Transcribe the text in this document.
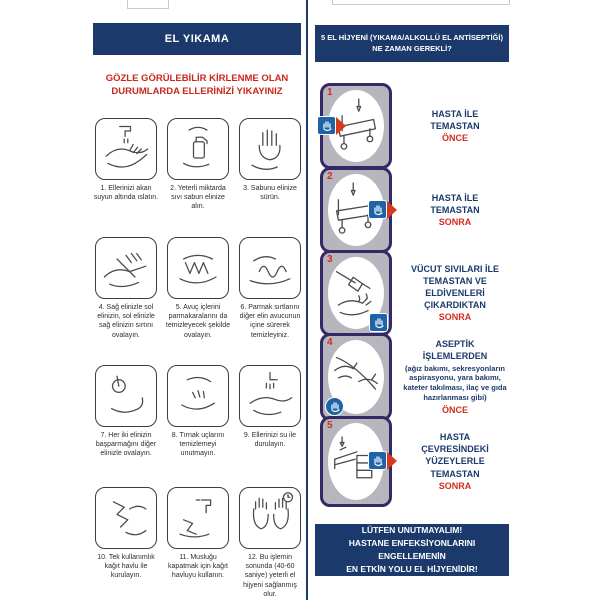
EL YIKAMA
GÖZLE GÖRÜLEBİLİR KİRLENME OLAN DURUMLARDA ELLERİNİZİ YIKAYINIZ
1. Ellerinizi akan suyun altında ıslatın.
2. Yeterli miktarda sıvı sabun elinize alın.
3. Sabunu elinize sürün.
4. Sağ elinizle sol elinizin, sol elinizle sağ elinizin sırtını ovalayın.
5. Avuç içlerini parmakaralarını da temizleyecek şekilde ovalayın.
6. Parmak sırtlarını diğer elin avucunun içine sürerek temizleyiniz.
7. Her iki elinizin başparmağını diğer elinizle ovalayın.
8. Tırnak uçlarını temizlemeyi unutmayın.
9. Ellerinizi su ile durulayın.
10. Tek kullanımlık kağıt havlu ile kurulayın.
11. Musluğu kapatmak için kağıt havluyu kullanın.
12. Bu işlemin sonunda (40-60 saniye) yeterli el hijyeni sağlanmış olur.
5 EL HİJYENİ (YIKAMA/ALKOLLÜ EL ANTİSEPTİĞİ)
NE ZAMAN GEREKLİ?
1
HASTA İLE TEMASTAN
ÖNCE
2
HASTA İLE TEMASTAN
SONRA
3
VÜCUT SIVILARI İLE TEMASTAN VE ELDİVENLERİ ÇIKARDIKTAN
SONRA
4	ASEPTİK İŞLEMLERDEN
(ağız bakımı, sekresyonların aspirasyonu, yara bakımı, kateter takılması, ilaç ve gıda hazırlanması gibi)
ÖNCE
5
HASTA ÇEVRESİNDEKİ YÜZEYLERLE TEMASTAN
SONRA
LÜTFEN UNUTMAYALIM!
HASTANE ENFEKSİYONLARINI ENGELLEMENİN
EN ETKİN YOLU EL HİJYENİDİR!
